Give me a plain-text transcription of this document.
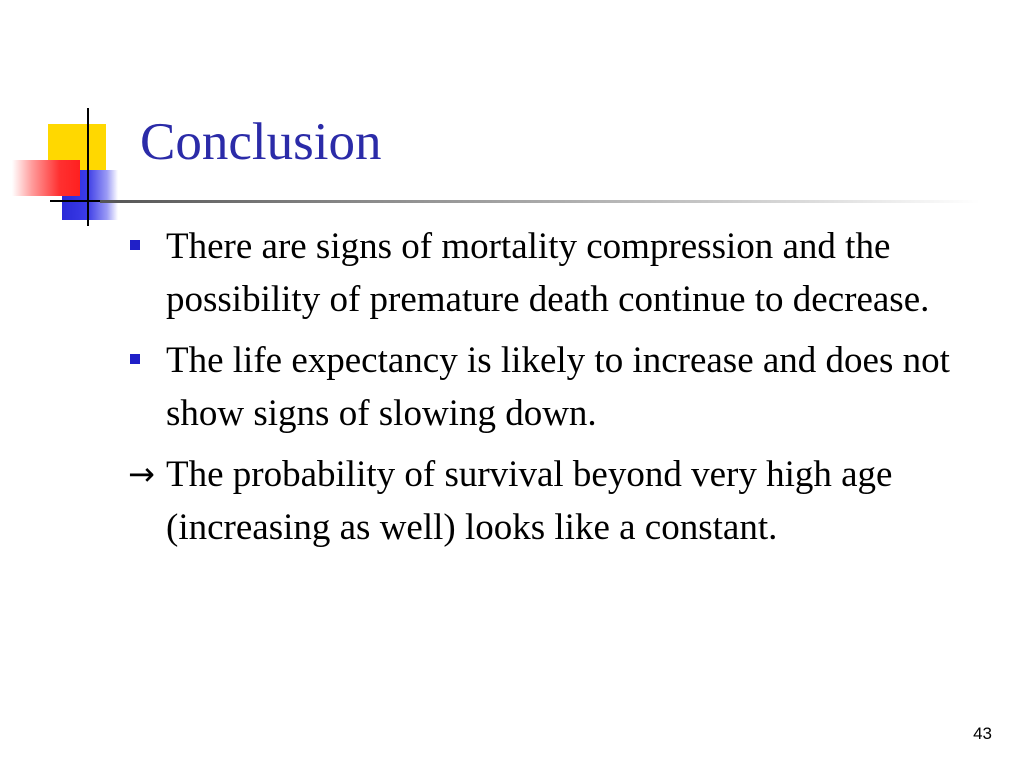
Conclusion
There are signs of mortality compression and the possibility of premature death continue to decrease.
The life expectancy is likely to increase and does not show signs of slowing down.
→ The probability of survival beyond very high age (increasing as well) looks like a constant.
43
